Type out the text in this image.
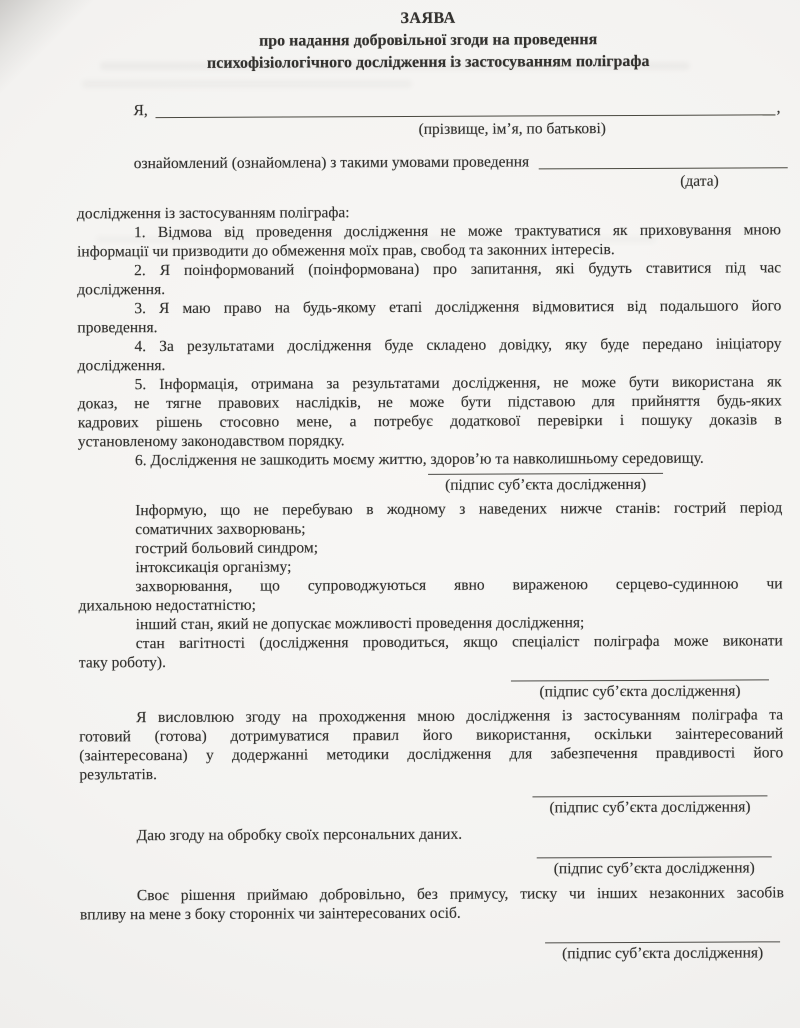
ЗАЯВА
про надання добровільної згоди на проведення
психофізіологічного дослідження із застосуванням поліграфа
Я,	,
(прізвище, ім’я, по батькові)
ознайомлений (ознайомлена) з такими умовами проведення
(дата)
дослідження із застосуванням поліграфа:
1. Відмова від проведення дослідження не може трактуватися як приховування мною
інформації чи призводити до обмеження моїх прав, свобод та законних інтересів.
2. Я поінформований (поінформована) про запитання, які будуть ставитися під час
дослідження.
3. Я маю право на будь-якому етапі дослідження відмовитися від подальшого його
проведення.
4. За результатами дослідження буде складено довідку, яку буде передано ініціатору
дослідження.
5. Інформація, отримана за результатами дослідження, не може бути використана як
доказ, не тягне правових наслідків, не може бути підставою для прийняття будь-яких
кадрових рішень стосовно мене, а потребує додаткової перевірки і пошуку доказів в
установленому законодавством порядку.
6. Дослідження не зашкодить моєму життю, здоров’ю та навколишньому середовищу.
(підпис суб’єкта дослідження)
Інформую, що не перебуваю в жодному з наведених нижче станів: гострий період
соматичних захворювань;
гострий больовий синдром;
інтоксикація організму;
захворювання, що супроводжуються явно вираженою серцево-судинною чи
дихальною недостатністю;
інший стан, який не допускає можливості проведення дослідження;
стан вагітності (дослідження проводиться, якщо спеціаліст поліграфа може виконати
таку роботу).
(підпис суб’єкта дослідження)
Я висловлюю згоду на проходження мною дослідження із застосуванням поліграфа та
готовий (готова) дотримуватися правил його використання, оскільки заінтересований
(заінтересована) у додержанні методики дослідження для забезпечення правдивості його
результатів.
(підпис суб’єкта дослідження)
Даю згоду на обробку своїх персональних даних.
(підпис суб’єкта дослідження)
Своє рішення приймаю добровільно, без примусу, тиску чи інших незаконних засобів
впливу на мене з боку сторонніх чи заінтересованих осіб.
(підпис суб’єкта дослідження)
